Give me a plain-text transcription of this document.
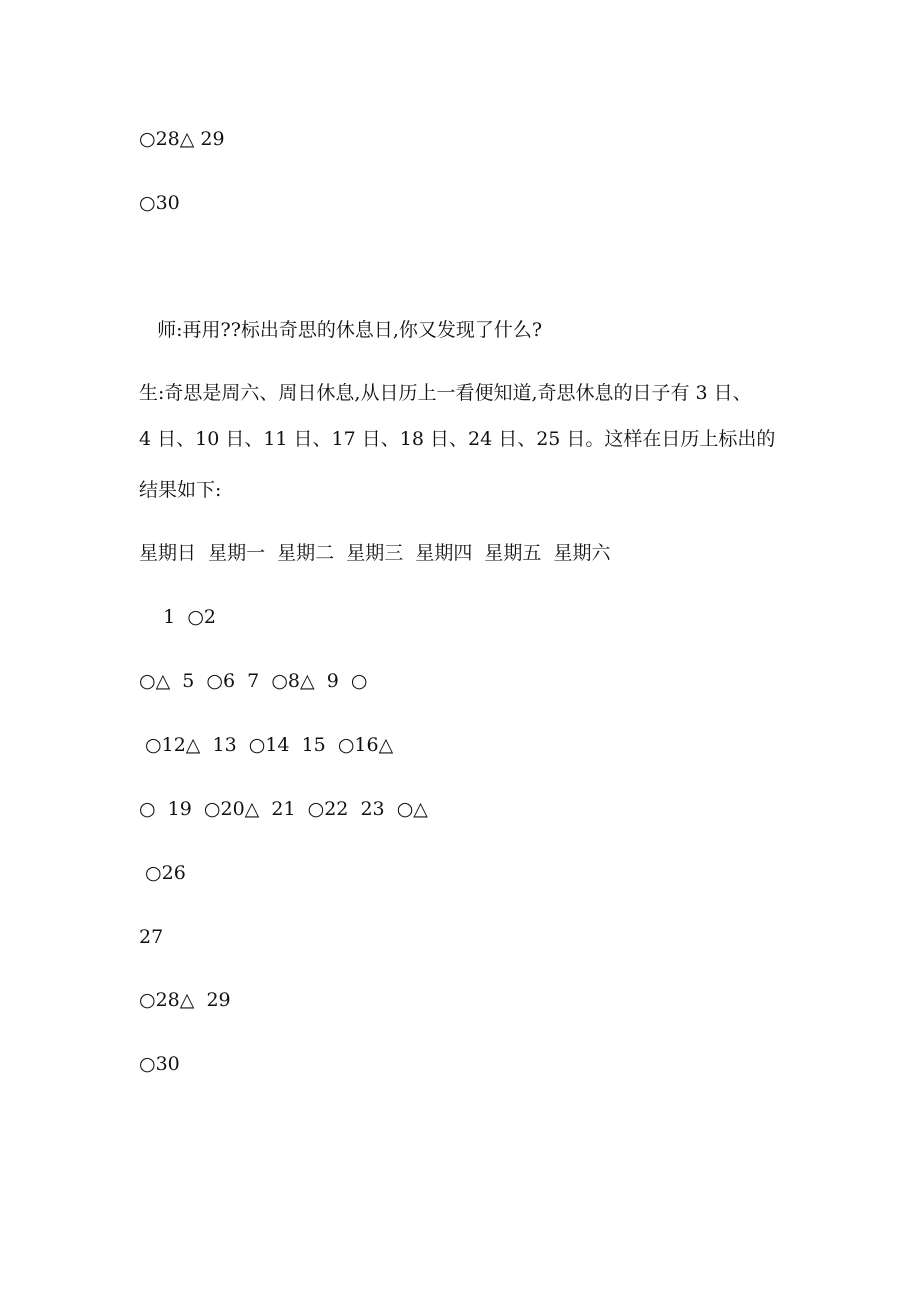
○28△ 29

○30

师:再用??标出奇思的休息日,你又发现了什么?

生:奇思是周六、周日休息,从日历上一看便知道,奇思休息的日子有 3 日、

4 日、10 日、11 日、17 日、18 日、24 日、25 日。这样在日历上标出的

结果如下:

星期日  星期一  星期二  星期三  星期四  星期五  星期六

1  ○2

○△  5  ○6  7  ○8△  9  ○

○12△  13  ○14  15  ○16△

○  19  ○20△  21  ○22  23  ○△

○26

27

○28△  29

○30
